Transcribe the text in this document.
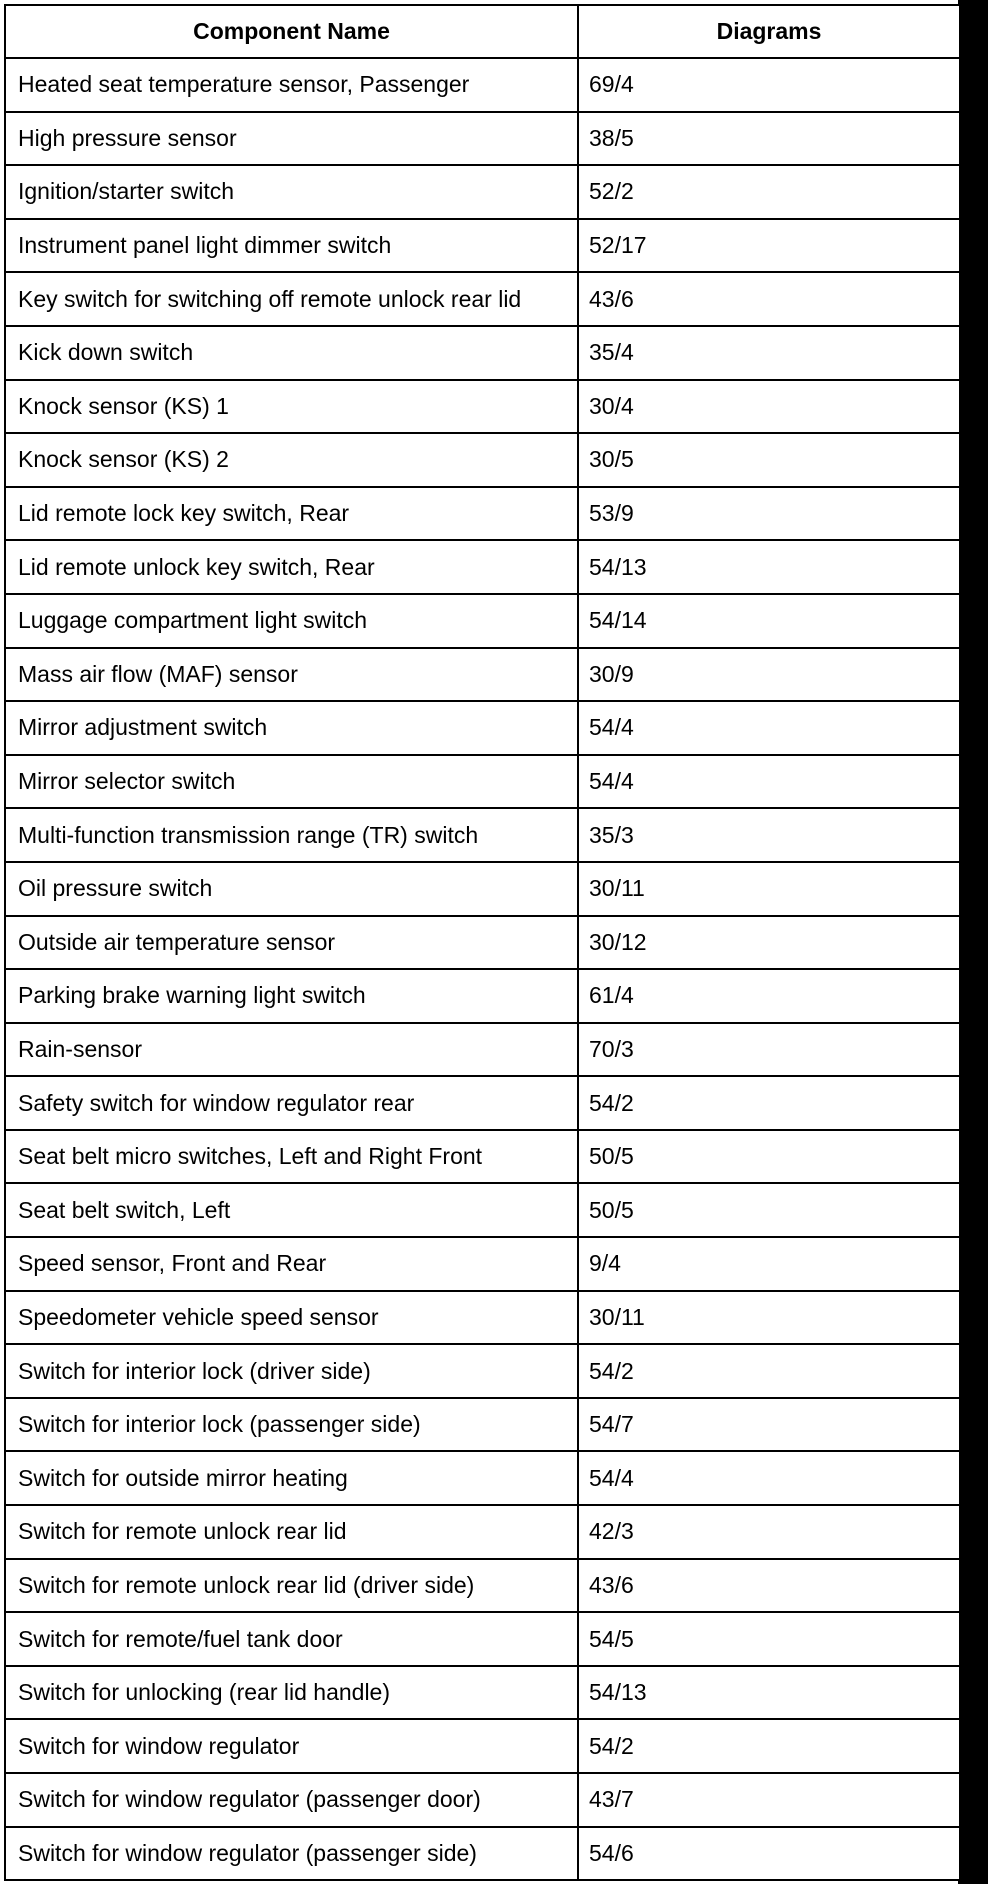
Component Name	Diagrams
Heated seat temperature sensor, Passenger	69/4
High pressure sensor	38/5
Ignition/starter switch	52/2
Instrument panel light dimmer switch	52/17
Key switch for switching off remote unlock rear lid	43/6
Kick down switch	35/4
Knock sensor (KS) 1	30/4
Knock sensor (KS) 2	30/5
Lid remote lock key switch, Rear	53/9
Lid remote unlock key switch, Rear	54/13
Luggage compartment light switch	54/14
Mass air flow (MAF) sensor	30/9
Mirror adjustment switch	54/4
Mirror selector switch	54/4
Multi-function transmission range (TR) switch	35/3
Oil pressure switch	30/11
Outside air temperature sensor	30/12
Parking brake warning light switch	61/4
Rain-sensor	70/3
Safety switch for window regulator rear	54/2
Seat belt micro switches, Left and Right Front	50/5
Seat belt switch, Left	50/5
Speed sensor, Front and Rear	9/4
Speedometer vehicle speed sensor	30/11
Switch for interior lock (driver side)	54/2
Switch for interior lock (passenger side)	54/7
Switch for outside mirror heating	54/4
Switch for remote unlock rear lid	42/3
Switch for remote unlock rear lid (driver side)	43/6
Switch for remote/fuel tank door	54/5
Switch for unlocking (rear lid handle)	54/13
Switch for window regulator	54/2
Switch for window regulator (passenger door)	43/7
Switch for window regulator (passenger side)	54/6
